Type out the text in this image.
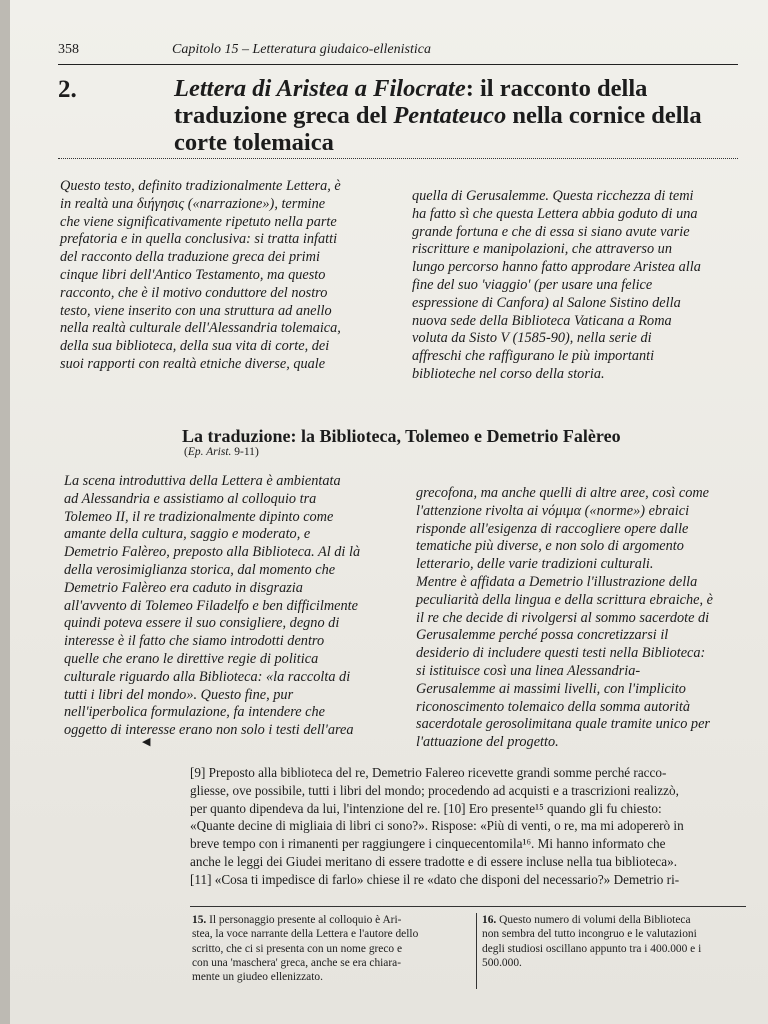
358	Capitolo 15 – Letteratura giudaico-ellenistica
2.	Lettera di Aristea a Filocrate: il racconto della traduzione greca del Pentateuco nella cornice della corte tolemaica
Questo testo, definito tradizionalmente Lettera, è
in realtà una διήγησις («narrazione»), termine
che viene significativamente ripetuto nella parte
prefatoria e in quella conclusiva: si tratta infatti
del racconto della traduzione greca dei primi
cinque libri dell'Antico Testamento, ma questo
racconto, che è il motivo conduttore del nostro
testo, viene inserito con una struttura ad anello
nella realtà culturale dell'Alessandria tolemaica,
della sua biblioteca, della sua vita di corte, dei
suoi rapporti con realtà etniche diverse, quale
quella di Gerusalemme. Questa ricchezza di temi
ha fatto sì che questa Lettera abbia goduto di una
grande fortuna e che di essa si siano avute varie
riscritture e manipolazioni, che attraverso un
lungo percorso hanno fatto approdare Aristea alla
fine del suo 'viaggio' (per usare una felice
espressione di Canfora) al Salone Sistino della
nuova sede della Biblioteca Vaticana a Roma
voluta da Sisto V (1585-90), nella serie di
affreschi che raffigurano le più importanti
biblioteche nel corso della storia.
La traduzione: la Biblioteca, Tolemeo e Demetrio Falèreo
(Ep. Arist. 9-11)
La scena introduttiva della Lettera è ambientata
ad Alessandria e assistiamo al colloquio tra
Tolemeo II, il re tradizionalmente dipinto come
amante della cultura, saggio e moderato, e
Demetrio Falèreo, preposto alla Biblioteca. Al di là
della verosimiglianza storica, dal momento che
Demetrio Falèreo era caduto in disgrazia
all'avvento di Tolemeo Filadelfo e ben difficilmente
quindi poteva essere il suo consigliere, degno di
interesse è il fatto che siamo introdotti dentro
quelle che erano le direttive regie di politica
culturale riguardo alla Biblioteca: «la raccolta di
tutti i libri del mondo». Questo fine, pur
nell'iperbolica formulazione, fa intendere che
oggetto di interesse erano non solo i testi dell'area
grecofona, ma anche quelli di altre aree, così come
l'attenzione rivolta ai νόμιμα («norme») ebraici
risponde all'esigenza di raccogliere opere dalle
tematiche più diverse, e non solo di argomento
letterario, delle varie tradizioni culturali.
Mentre è affidata a Demetrio l'illustrazione della
peculiarità della lingua e della scrittura ebraiche, è
il re che decide di rivolgersi al sommo sacerdote di
Gerusalemme perché possa concretizzarsi il
desiderio di includere questi testi nella Biblioteca:
si istituisce così una linea Alessandria-
Gerusalemme ai massimi livelli, con l'implicito
riconoscimento tolemaico della somma autorità
sacerdotale gerosolimitana quale tramite unico per
l'attuazione del progetto.
◀
[9] Preposto alla biblioteca del re, Demetrio Falereo ricevette grandi somme perché racco-
gliesse, ove possibile, tutti i libri del mondo; procedendo ad acquisti e a trascrizioni realizzò,
per quanto dipendeva da lui, l'intenzione del re. [10] Ero presente¹⁵ quando gli fu chiesto:
«Quante decine di migliaia di libri ci sono?». Rispose: «Più di venti, o re, ma mi adopererò in
breve tempo con i rimanenti per raggiungere i cinquecentomila¹⁶. Mi hanno informato che
anche le leggi dei Giudei meritano di essere tradotte e di essere incluse nella tua biblioteca».
[11] «Cosa ti impedisce di farlo» chiese il re «dato che disponi del necessario?» Demetrio ri-
15. Il personaggio presente al colloquio è Ari-
stea, la voce narrante della Lettera e l'autore dello
scritto, che ci si presenta con un nome greco e
con una 'maschera' greca, anche se era chiara-
mente un giudeo ellenizzato.
16. Questo numero di volumi della Biblioteca
non sembra del tutto incongruo e le valutazioni
degli studiosi oscillano appunto tra i 400.000 e i
500.000.
